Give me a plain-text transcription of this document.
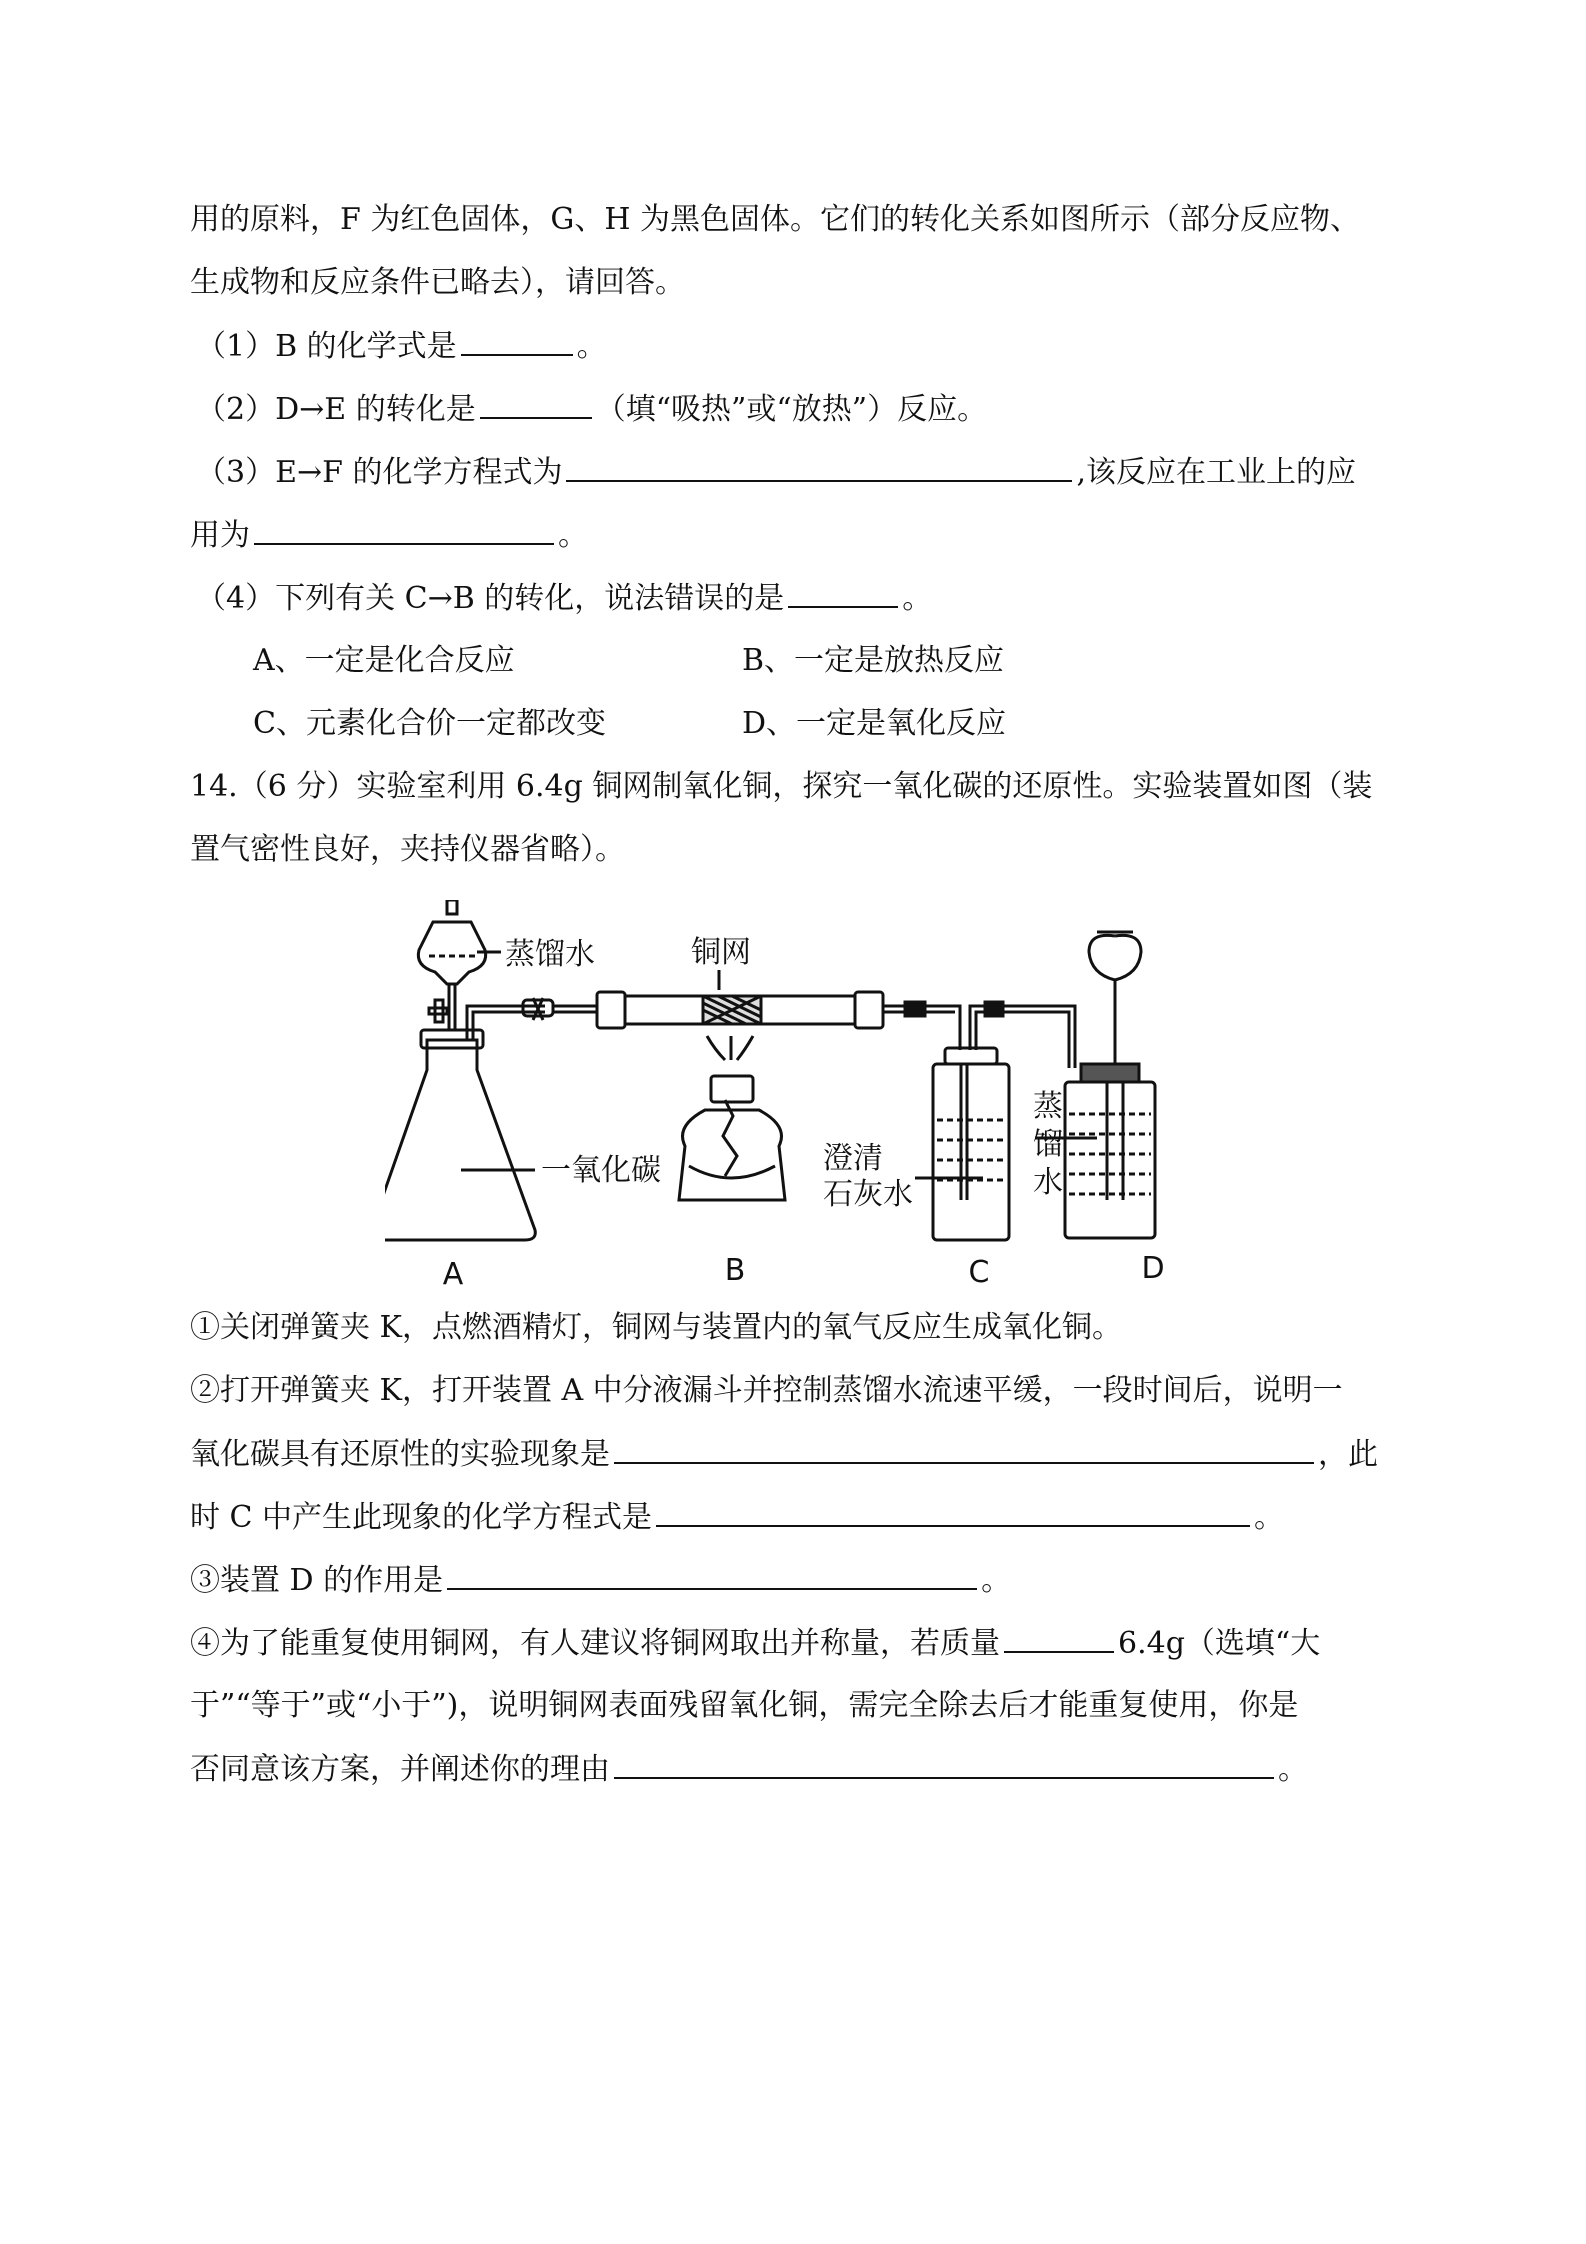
用的原料，F 为红色固体，G、H 为黑色固体。它们的转化关系如图所示（部分反应物、
生成物和反应条件已略去），请回答。
（1）B 的化学式是	。
（2）D→E 的转化是	（填“吸热”或“放热”）反应。
（3）E→F 的化学方程式为	,该反应在工业上的应
用为	。
（4）下列有关 C→B 的转化，说法错误的是	。
A、一定是化合反应	B、一定是放热反应
C、元素化合价一定都改变	D、一定是氧化反应
14.（6 分）实验室利用 6.4g 铜网制氧化铜，探究一氧化碳的还原性。实验装置如图（装
置气密性良好，夹持仪器省略）。
蒸馏水	铜网
一氧化碳	澄清
石灰水
蒸
馏
水
A	B	C	D
①关闭弹簧夹 K，点燃酒精灯，铜网与装置内的氧气反应生成氧化铜。
②打开弹簧夹 K，打开装置 A 中分液漏斗并控制蒸馏水流速平缓，一段时间后，说明一
氧化碳具有还原性的实验现象是	，此
时 C 中产生此现象的化学方程式是	。
③装置 D 的作用是	。
④为了能重复使用铜网，有人建议将铜网取出并称量，若质量	6.4g（选填“大
于”“等于”或“小于”)，说明铜网表面残留氧化铜，需完全除去后才能重复使用，你是
否同意该方案，并阐述你的理由	。
